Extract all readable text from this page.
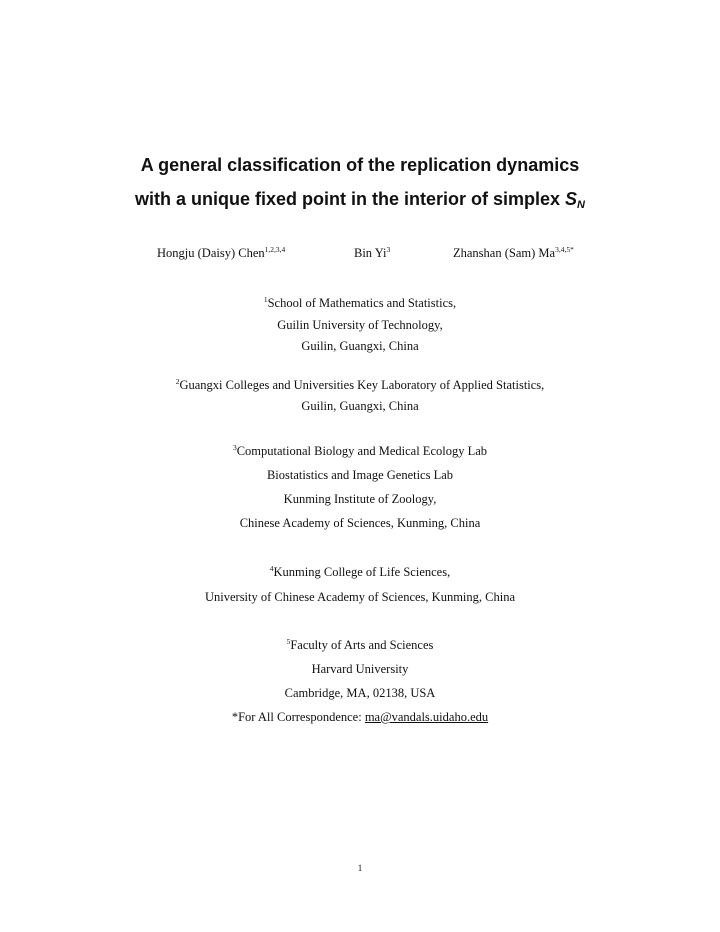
A general classification of the replication dynamics
with a unique fixed point in the interior of simplex $S_N$
Hongju (Daisy) Chen$^{1,2,3,4}$	Bin Yi$^3$	Zhanshan (Sam) $Ma^{3,4,5*}$
$^1$School of Mathematics and Statistics,
Guilin University of Technology,
Guilin, Guangxi, China
$^2$Guangxi Colleges and Universities Key Laboratory of Applied Statistics,
Guilin, Guangxi, China
$^3$Computational Biology and Medical Ecology Lab
Biostatistics and Image Genetics Lab
Kunming Institute of Zoology,
Chinese Academy of Sciences, Kunming, China
$^4$Kunming College of Life Sciences,
University of Chinese Academy of Sciences, Kunming, China
$^5$Faculty of Arts and Sciences
Harvard University
Cambridge, MA, 02138, USA
*For All Correspondence: ma@vandals.uidaho.edu
1
